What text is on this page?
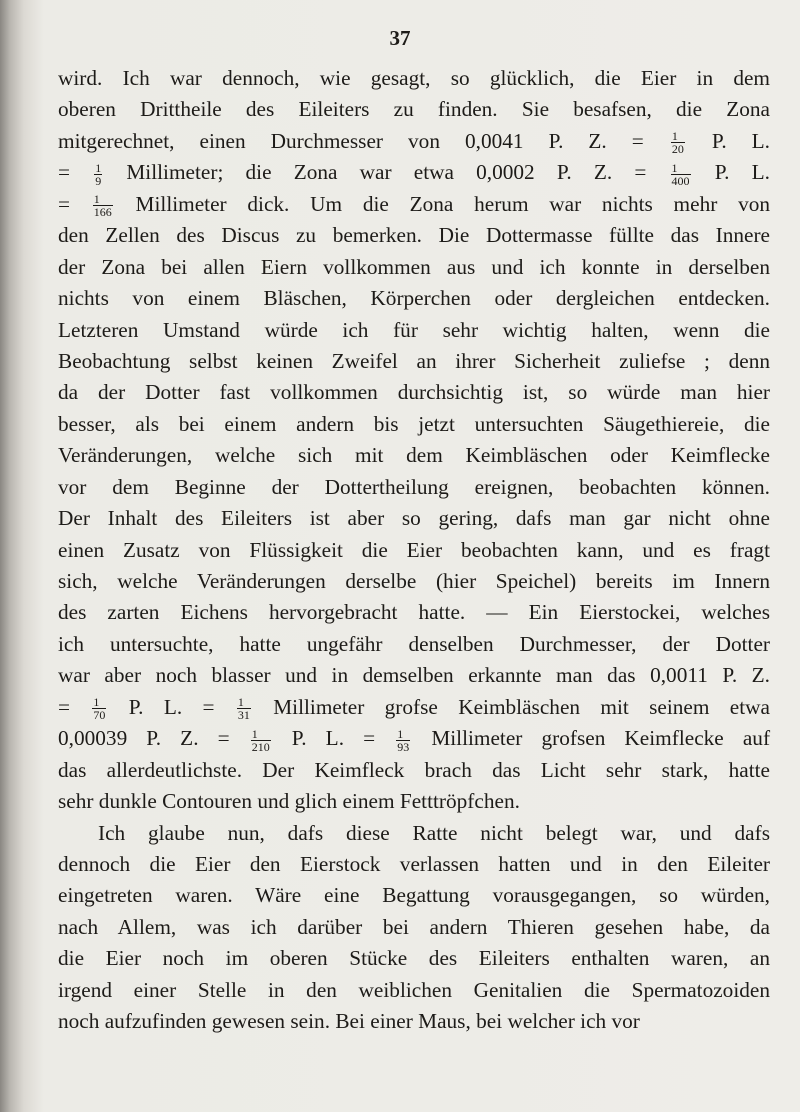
37
wird. Ich war dennoch, wie gesagt, so glücklich, die Eier in dem
oberen Drittheile des Eileiters zu finden. Sie besafsen, die Zona
mitgerechnet, einen Durchmesser von 0,0041 P. Z. = $\frac{1}{20} P$. L.
= $\frac{1}{9}$ Millimeter; die Zona war etwa 0,0002 P. Z. = $\frac{1}{400} P$. L.
= $\frac{1}{166}$ Millimeter dick. Um die Zona herum war nichts mehr von
den Zellen des Discus zu bemerken. Die Dottermasse füllte das Innere
der Zona bei allen Eiern vollkommen aus und ich konnte in derselben
nichts von einem Bläschen, Körperchen oder dergleichen entdecken.
Letzteren Umstand würde ich für sehr wichtig halten, wenn die
Beobachtung selbst keinen Zweifel an ihrer Sicherheit zuliefse ; denn
da der Dotter fast vollkommen durchsichtig ist, so würde man hier
besser, als bei einem andern bis jetzt untersuchten Säugethiereie, die
Veränderungen, welche sich mit dem Keimbläschen oder Keimflecke
vor dem Beginne der Dottertheilung ereignen, beobachten können.
Der Inhalt des Eileiters ist aber so gering, dafs man gar nicht ohne
einen Zusatz von Flüssigkeit die Eier beobachten kann, und es fragt
sich, welche Veränderungen derselbe (hier Speichel) bereits im Innern
des zarten Eichens hervorgebracht hatte. — Ein Eierstockei, welches
ich untersuchte, hatte ungefähr denselben Durchmesser, der Dotter
war aber noch blasser und in demselben erkannte man das 0,0011 P. Z.
= $\frac{1}{70} P$. L. = $\frac{1}{31}$ Millimeter grofse Keimbläschen mit seinem etwa
0,00039 P. Z. = $\frac{1}{210} P$. L. = $\frac{1}{93}$ Millimeter grofsen Keimflecke auf
das allerdeutlichste. Der Keimfleck brach das Licht sehr stark, hatte
sehr dunkle Contouren und glich einem Fetttröpfchen.
Ich glaube nun, dafs diese Ratte nicht belegt war, und dafs
dennoch die Eier den Eierstock verlassen hatten und in den Eileiter
eingetreten waren. Wäre eine Begattung vorausgegangen, so würden,
nach Allem, was ich darüber bei andern Thieren gesehen habe, da
die Eier noch im oberen Stücke des Eileiters enthalten waren, an
irgend einer Stelle in den weiblichen Genitalien die Spermatozoiden
noch aufzufinden gewesen sein. Bei einer Maus, bei welcher ich vor
